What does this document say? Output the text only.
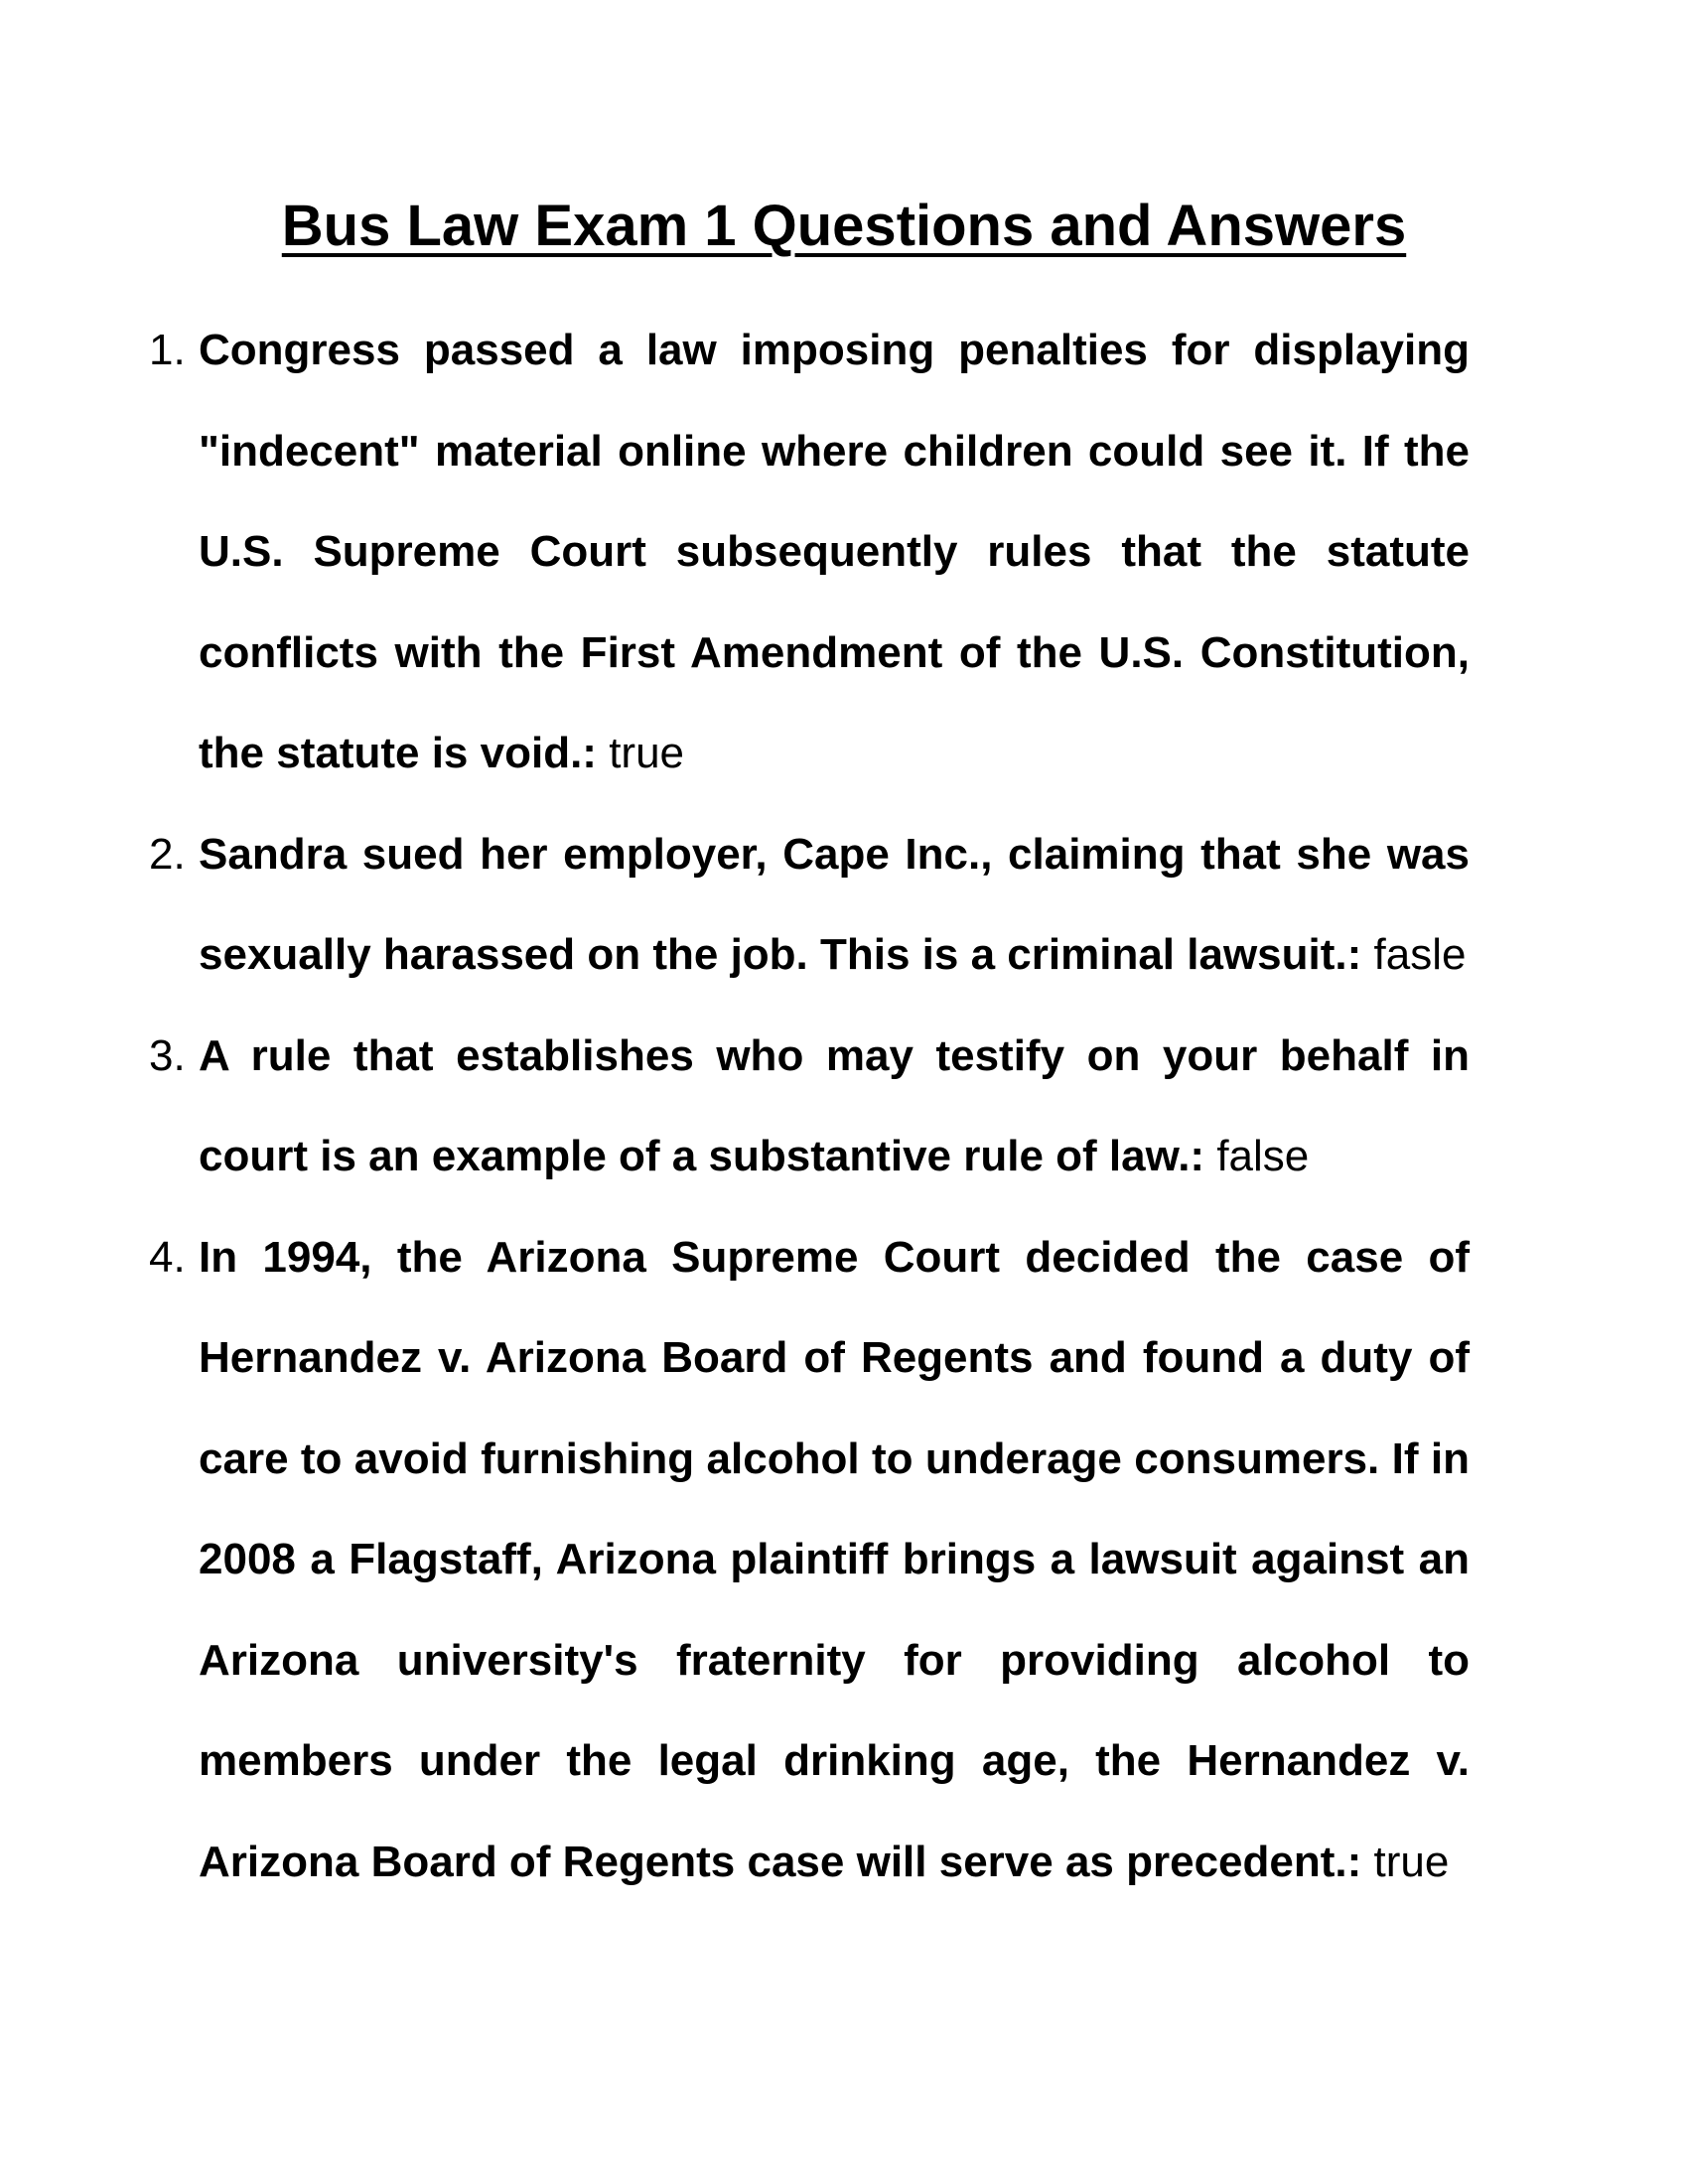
Bus Law Exam 1 Questions and Answers
1. Congress passed a law imposing penalties for displaying "indecent" material online where children could see it. If the U.S. Supreme Court subsequently rules that the statute conflicts with the First Amendment of the U.S. Constitution, the statute is void.: true
2. Sandra sued her employer, Cape Inc., claiming that she was sexually harassed on the job. This is a criminal lawsuit.: fasle
3. A rule that establishes who may testify on your behalf in court is an example of a substantive rule of law.: false
4. In 1994, the Arizona Supreme Court decided the case of Hernandez v. Arizona Board of Regents and found a duty of care to avoid furnishing alcohol to underage consumers. If in 2008 a Flagstaff, Arizona plaintiff brings a lawsuit against an Arizona university's fraternity for providing alcohol to members under the legal drinking age, the Hernandez v. Arizona Board of Regents case will serve as precedent.: true
